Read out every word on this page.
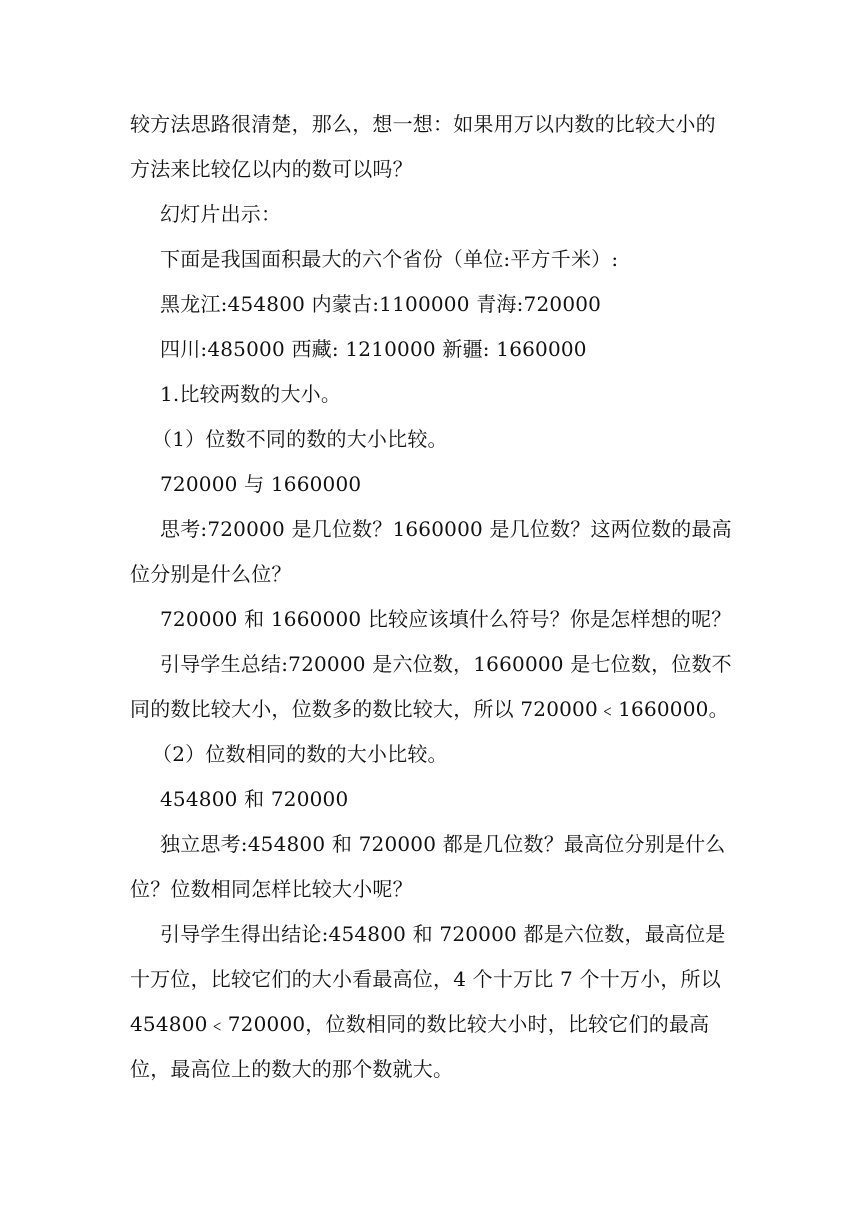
较方法思路很清楚，那么，想一想：如果用万以内数的比较大小的方法来比较亿以内的数可以吗？

幻灯片出示：

下面是我国面积最大的六个省份（单位:平方千米）:

黑龙江:454800 内蒙古:1100000 青海:720000

四川:485000 西藏: 1210000 新疆: 1660000

1.比较两数的大小。

（1）位数不同的数的大小比较。

720000 与 1660000

思考:720000 是几位数？1660000 是几位数？这两位数的最高位分别是什么位？

720000 和 1660000 比较应该填什么符号？你是怎样想的呢？

引导学生总结:720000 是六位数，1660000 是七位数，位数不同的数比较大小，位数多的数比较大，所以 720000﹤1660000。

（2）位数相同的数的大小比较。

454800 和 720000

独立思考:454800 和 720000 都是几位数？最高位分别是什么位？位数相同怎样比较大小呢？

引导学生得出结论:454800 和 720000 都是六位数，最高位是十万位，比较它们的大小看最高位，4 个十万比 7 个十万小，所以 454800﹤720000，位数相同的数比较大小时，比较它们的最高位，最高位上的数大的那个数就大。
